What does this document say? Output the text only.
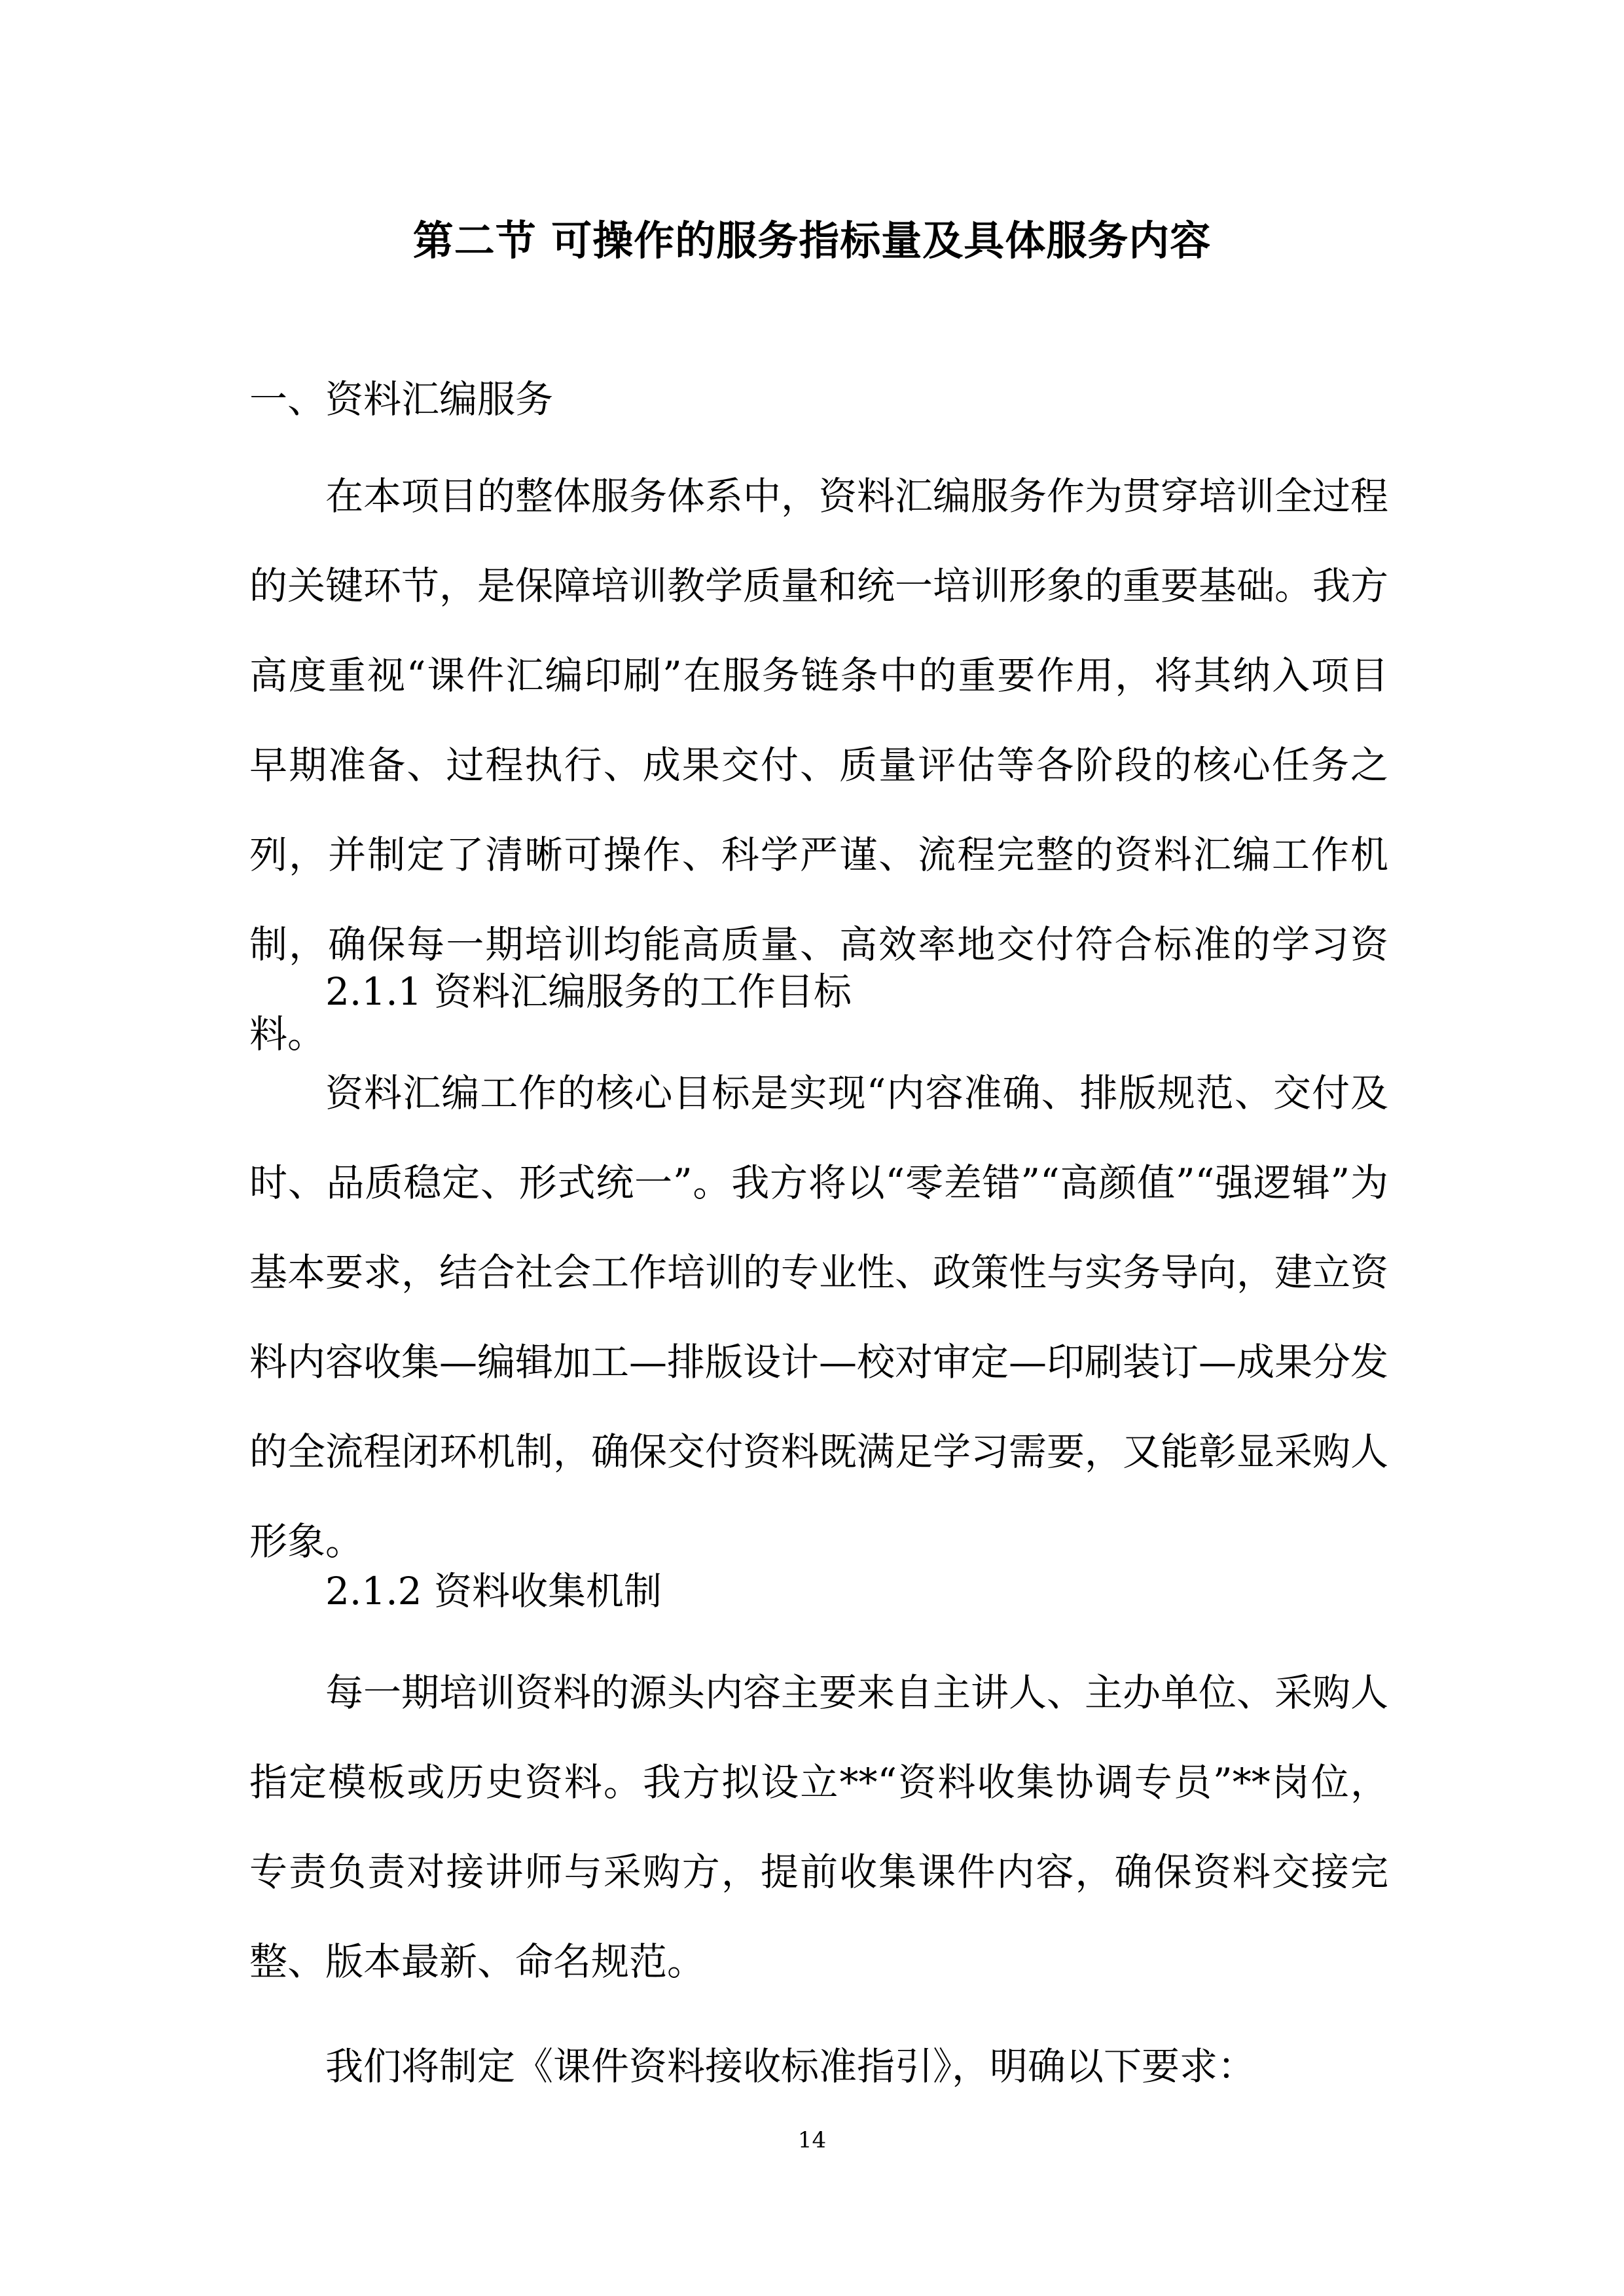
第二节 可操作的服务指标量及具体服务内容
一、资料汇编服务
在本项目的整体服务体系中，资料汇编服务作为贯穿培训全过程的关键环节，是保障培训教学质量和统一培训形象的重要基础。我方高度重视“课件汇编印刷”在服务链条中的重要作用，将其纳入项目早期准备、过程执行、成果交付、质量评估等各阶段的核心任务之列，并制定了清晰可操作、科学严谨、流程完整的资料汇编工作机制，确保每一期培训均能高质量、高效率地交付符合标准的学习资料。
2.1.1 资料汇编服务的工作目标
资料汇编工作的核心目标是实现“内容准确、排版规范、交付及时、品质稳定、形式统一”。我方将以“零差错”“高颜值”“强逻辑”为基本要求，结合社会工作培训的专业性、政策性与实务导向，建立资料内容收集—编辑加工—排版设计—校对审定—印刷装订—成果分发的全流程闭环机制，确保交付资料既满足学习需要，又能彰显采购人形象。
2.1.2 资料收集机制
每一期培训资料的源头内容主要来自主讲人、主办单位、采购人指定模板或历史资料。我方拟设立**“资料收集协调专员”**岗位，专责负责对接讲师与采购方，提前收集课件内容，确保资料交接完整、版本最新、命名规范。
我们将制定《课件资料接收标准指引》，明确以下要求：
14
